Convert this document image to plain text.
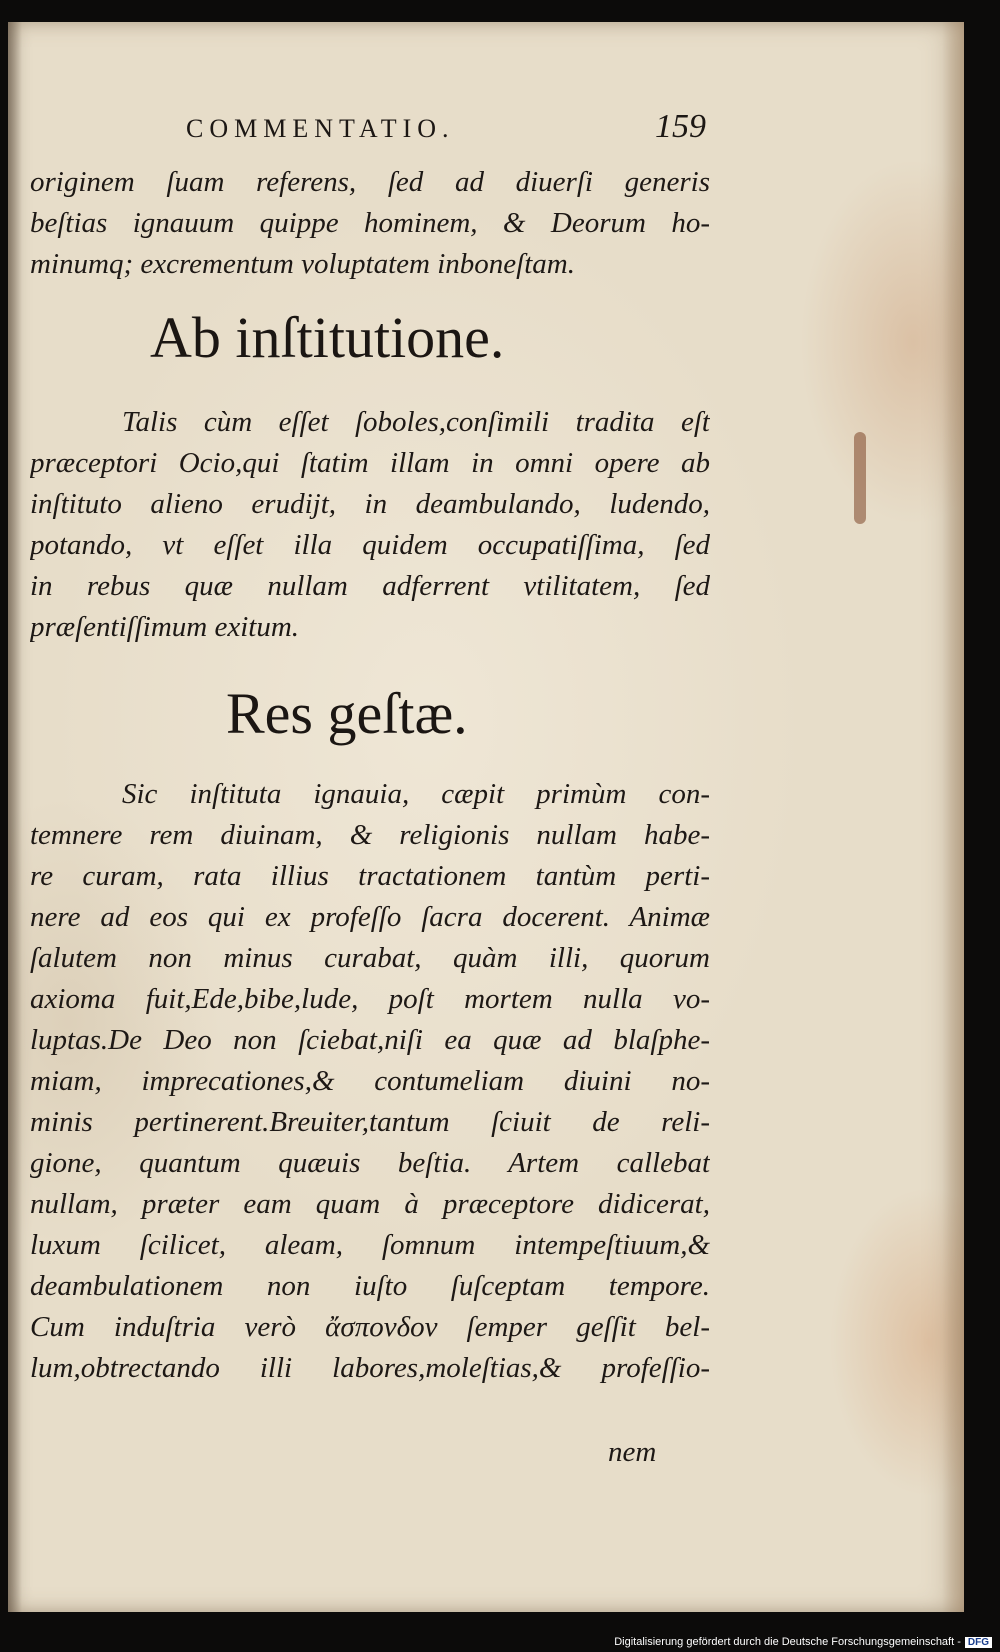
COMMENTATIO.	159
originem ſuam referens, ſed ad diuerſi generis
beſtias ignauum quippe hominem, & Deorum ho-
minumq; excrementum voluptatem inboneſtam.
Ab inſtitutione.
Talis cùm eſſet ſoboles,conſimili tradita eſt
præceptori Ocio,qui ſtatim illam in omni opere ab
inſtituto alieno erudijt, in deambulando, ludendo,
potando, vt eſſet illa quidem occupatiſſima, ſed
in rebus quæ nullam adferrent vtilitatem, ſed
præſentiſſimum exitum.
Res geſtæ.
Sic inſtituta ignauia, cæpit primùm con-
temnere rem diuinam, & religionis nullam habe-
re curam, rata illius tractationem tantùm perti-
nere ad eos qui ex profeſſo ſacra docerent. Animæ
ſalutem non minus curabat, quàm illi, quorum
axioma fuit,Ede,bibe,lude, poſt mortem nulla vo-
luptas.De Deo non ſciebat,niſi ea quæ ad blaſphe-
miam, imprecationes,& contumeliam diuini no-
minis pertinerent.Breuiter,tantum ſciuit de reli-
gione, quantum quæuis beſtia. Artem callebat
nullam, præter eam quam à præceptore didicerat,
luxum ſcilicet, aleam, ſomnum intempeſtiuum,&
deambulationem non iuſto ſuſceptam tempore.
Cum induſtria verò ἄσπονδον ſemper geſſit bel-
lum,obtrectando illi labores,moleſtias,& profeſſio-
nem
Digitalisierung gefördert durch die Deutsche Forschungsgemeinschaft - DFG
